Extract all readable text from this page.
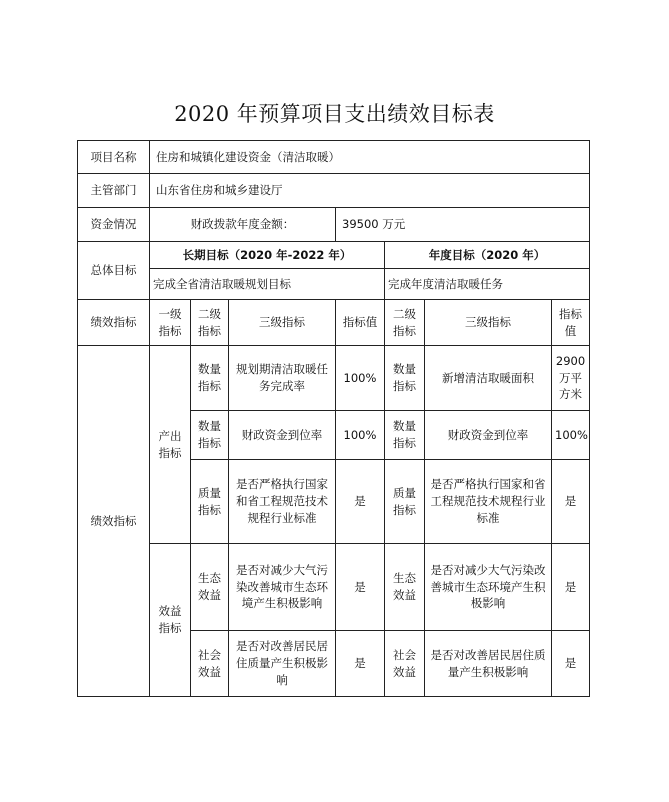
2020 年预算项目支出绩效目标表
项目名称	住房和城镇化建设资金（清洁取暖）						
主管部门	山东省住房和城乡建设厅						
资金情况	财政拨款年度金额：			39500 万元			
总体目标	长期目标（2020 年-2022 年）				年度目标（2020 年）		
	完成全省清洁取暖规划目标				完成年度清洁取暖任务		
绩效指标	一级指标	二级指标	三级指标	指标值	二级指标	三级指标	指标值
绩效指标	产出指标	数量指标	规划期清洁取暖任务完成率	100%	数量指标	新增清洁取暖面积	2900 万平方米
		数量指标	财政资金到位率	100%	数量指标	财政资金到位率	100%
		质量指标	是否严格执行国家和省工程规范技术规程行业标准	是	质量指标	是否严格执行国家和省工程规范技术规程行业标准	是
	效益指标	生态效益	是否对减少大气污染改善城市生态环境产生积极影响	是	生态效益	是否对减少大气污染改善城市生态环境产生积极影响	是
		社会效益	是否对改善居民居住质量产生积极影响	是	社会效益	是否对改善居民居住质量产生积极影响	是
